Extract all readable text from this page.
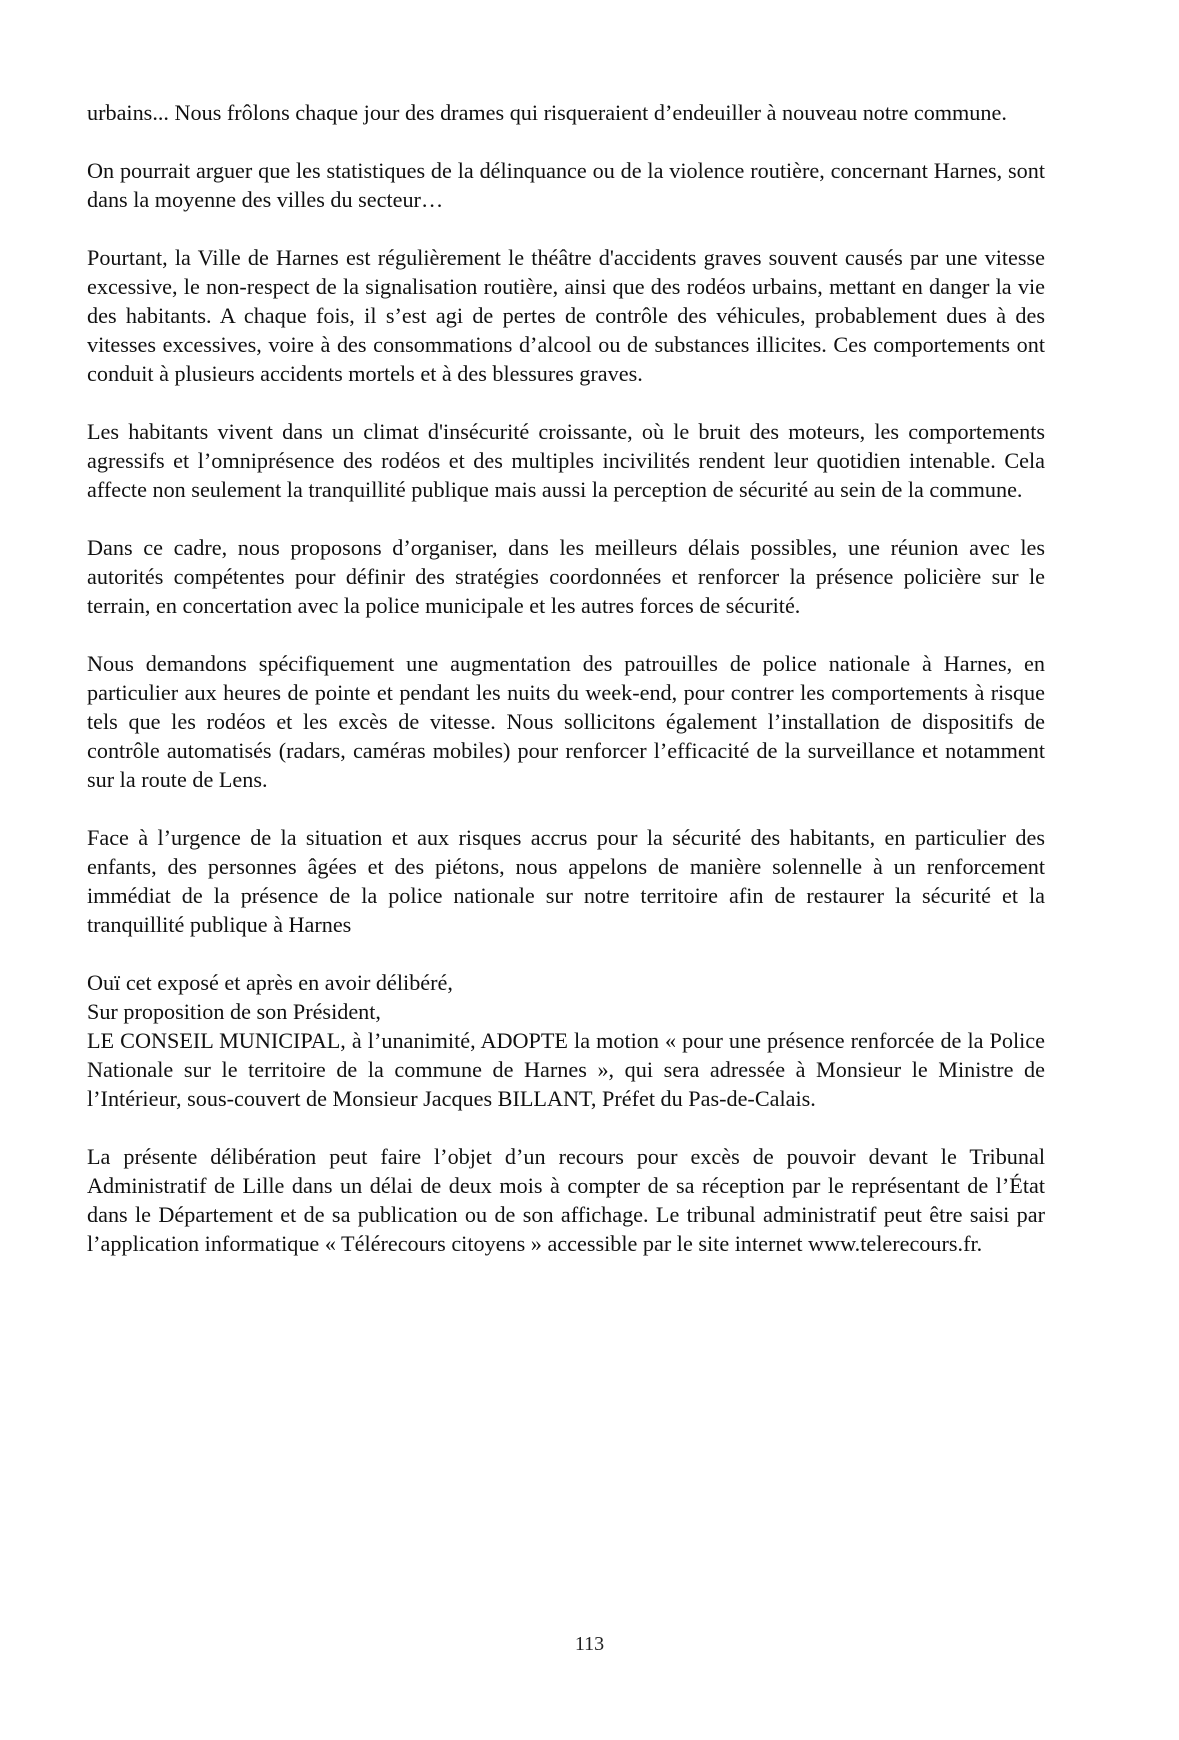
urbains... Nous frôlons chaque jour des drames qui risqueraient d’endeuiller à nouveau notre commune.

On pourrait arguer que les statistiques de la délinquance ou de la violence routière, concernant Harnes, sont dans la moyenne des villes du secteur…

Pourtant, la Ville de Harnes est régulièrement le théâtre d'accidents graves souvent causés par une vitesse excessive, le non-respect de la signalisation routière, ainsi que des rodéos urbains, mettant en danger la vie des habitants. A chaque fois, il s’est agi de pertes de contrôle des véhicules, probablement dues à des vitesses excessives, voire à des consommations d’alcool ou de substances illicites. Ces comportements ont conduit à plusieurs accidents mortels et à des blessures graves.

Les habitants vivent dans un climat d'insécurité croissante, où le bruit des moteurs, les comportements agressifs et l’omniprésence des rodéos et des multiples incivilités rendent leur quotidien intenable. Cela affecte non seulement la tranquillité publique mais aussi la perception de sécurité au sein de la commune.

Dans ce cadre, nous proposons d’organiser, dans les meilleurs délais possibles, une réunion avec les autorités compétentes pour définir des stratégies coordonnées et renforcer la présence policière sur le terrain, en concertation avec la police municipale et les autres forces de sécurité.

Nous demandons spécifiquement une augmentation des patrouilles de police nationale à Harnes, en particulier aux heures de pointe et pendant les nuits du week-end, pour contrer les comportements à risque tels que les rodéos et les excès de vitesse. Nous sollicitons également l’installation de dispositifs de contrôle automatisés (radars, caméras mobiles) pour renforcer l’efficacité de la surveillance et notamment sur la route de Lens.

Face à l’urgence de la situation et aux risques accrus pour la sécurité des habitants, en particulier des enfants, des personnes âgées et des piétons, nous appelons de manière solennelle à un renforcement immédiat de la présence de la police nationale sur notre territoire afin de restaurer la sécurité et la tranquillité publique à Harnes

Ouï cet exposé et après en avoir délibéré,
Sur proposition de son Président,
LE CONSEIL MUNICIPAL, à l’unanimité, ADOPTE la motion « pour une présence renforcée de la Police Nationale sur le territoire de la commune de Harnes », qui sera adressée à Monsieur le Ministre de l’Intérieur, sous-couvert de Monsieur Jacques BILLANT, Préfet du Pas-de-Calais.

La présente délibération peut faire l’objet d’un recours pour excès de pouvoir devant le Tribunal Administratif de Lille dans un délai de deux mois à compter de sa réception par le représentant de l’État dans le Département et de sa publication ou de son affichage. Le tribunal administratif peut être saisi par l’application informatique « Télérecours citoyens » accessible par le site internet www.telerecours.fr.

113
